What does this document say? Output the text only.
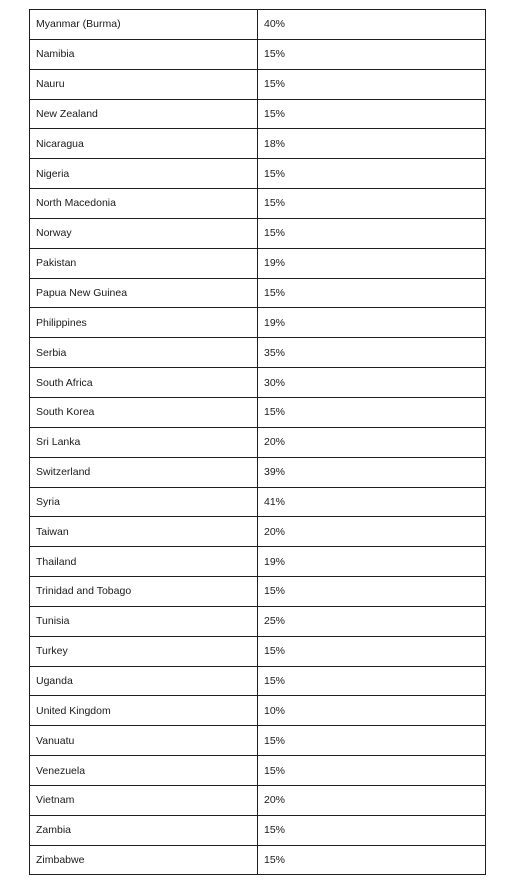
Myanmar (Burma)	40%
Namibia	15%
Nauru	15%
New Zealand	15%
Nicaragua	18%
Nigeria	15%
North Macedonia	15%
Norway	15%
Pakistan	19%
Papua New Guinea	15%
Philippines	19%
Serbia	35%
South Africa	30%
South Korea	15%
Sri Lanka	20%
Switzerland	39%
Syria	41%
Taiwan	20%
Thailand	19%
Trinidad and Tobago	15%
Tunisia	25%
Turkey	15%
Uganda	15%
United Kingdom	10%
Vanuatu	15%
Venezuela	15%
Vietnam	20%
Zambia	15%
Zimbabwe	15%
